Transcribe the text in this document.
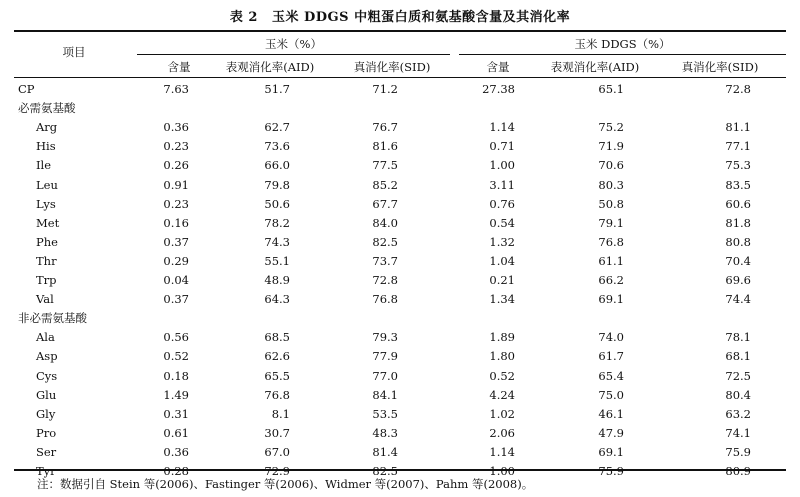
表 2 玉米 DDGS 中粗蛋白质和氨基酸含量及其消化率
项目
玉米（%）	玉米 DDGS（%）
含量	表观消化率(AID)	真消化率(SID)	含量	表观消化率(AID)	真消化率(SID)
CP	7.63	51.7	71.2	27.38	65.1	72.8
必需氨基酸
Arg	0.36	62.7	76.7	1.14	75.2	81.1
His	0.23	73.6	81.6	0.71	71.9	77.1
Ile	0.26	66.0	77.5	1.00	70.6	75.3
Leu	0.91	79.8	85.2	3.11	80.3	83.5
Lys	0.23	50.6	67.7	0.76	50.8	60.6
Met	0.16	78.2	84.0	0.54	79.1	81.8
Phe	0.37	74.3	82.5	1.32	76.8	80.8
Thr	0.29	55.1	73.7	1.04	61.1	70.4
Trp	0.04	48.9	72.8	0.21	66.2	69.6
Val	0.37	64.3	76.8	1.34	69.1	74.4
非必需氨基酸
Ala	0.56	68.5	79.3	1.89	74.0	78.1
Asp	0.52	62.6	77.9	1.80	61.7	68.1
Cys	0.18	65.5	77.0	0.52	65.4	72.5
Glu	1.49	76.8	84.1	4.24	75.0	80.4
Gly	0.31	8.1	53.5	1.02	46.1	63.2
Pro	0.61	30.7	48.3	2.06	47.9	74.1
Ser	0.36	67.0	81.4	1.14	69.1	75.9
Tyr	0.28	72.9	82.5	1.00	75.9	80.9
注：数据引自 Stein 等(2006)、Fastinger 等(2006)、Widmer 等(2007)、Pahm 等(2008)。
